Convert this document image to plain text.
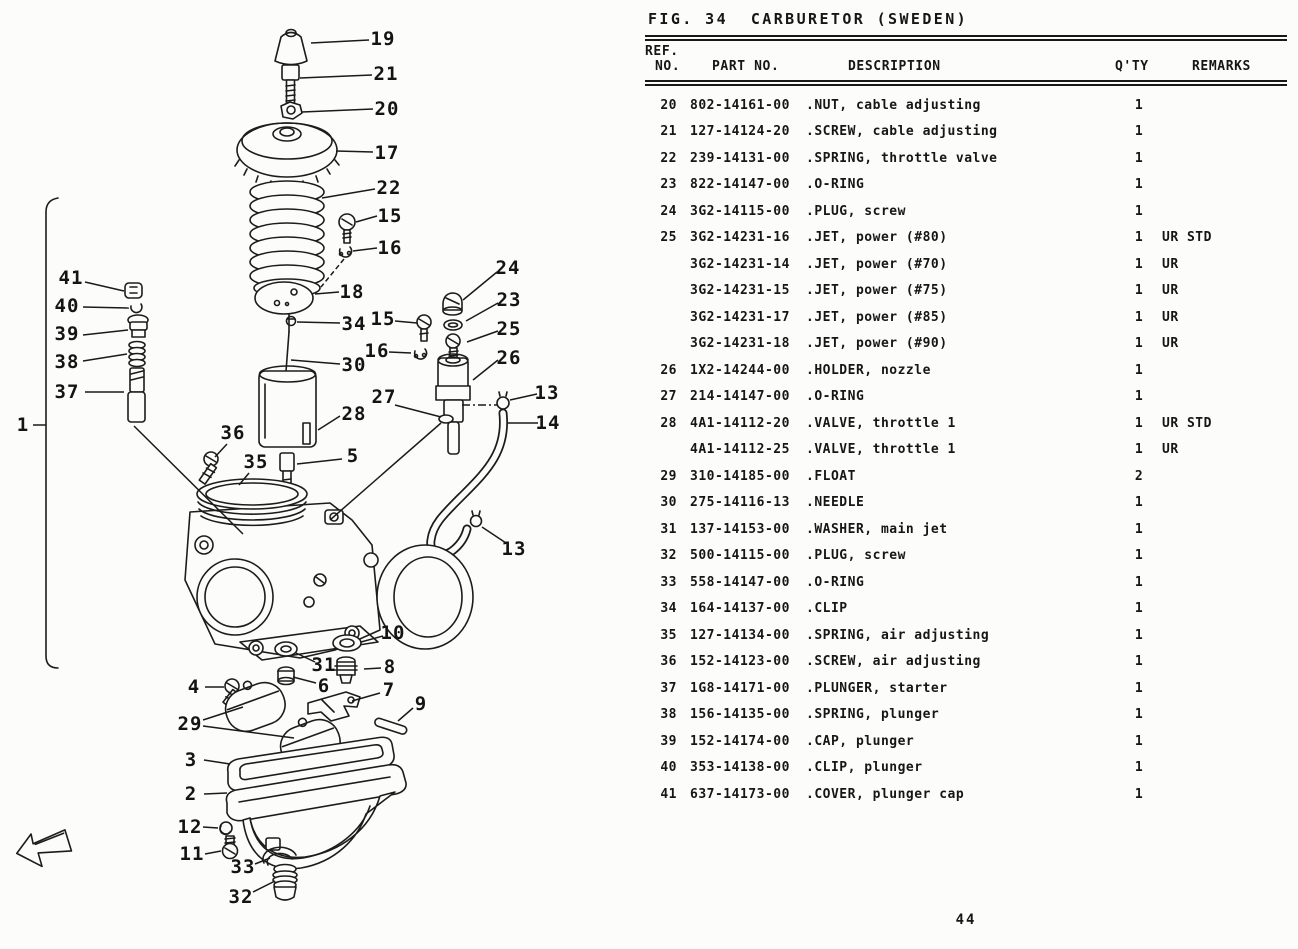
19
21
20
17
22
15
16
18
34 15
16
30
28
5
27
24
23
25
26
13
14
13
41
40
39
38
37
1	36
35
10
31 8
4	6	7
9
29
3
2
12
11
33
32
FIG. 34  CARBURETOR (SWEDEN)
REF.
NO. PART NO.	DESCRIPTION	Q'TY	REMARKS
20	802-14161-00	.NUT, cable adjusting	1
21	127-14124-20	.SCREW, cable adjusting	1
22	239-14131-00	.SPRING, throttle valve	1
23	822-14147-00	.O-RING	1
24	3G2-14115-00	.PLUG, screw	1
25	3G2-14231-16	.JET, power (#80)	1	UR STD
3G2-14231-14	.JET, power (#70)	1	UR
3G2-14231-15	.JET, power (#75)	1	UR
3G2-14231-17	.JET, power (#85)	1	UR
3G2-14231-18	.JET, power (#90)	1	UR
26	1X2-14244-00	.HOLDER, nozzle	1
27	214-14147-00	.O-RING	1
28	4A1-14112-20	.VALVE, throttle 1	1	UR STD
4A1-14112-25	.VALVE, throttle 1	1	UR
29	310-14185-00	.FLOAT	2
30	275-14116-13	.NEEDLE	1
31	137-14153-00	.WASHER, main jet	1
32	500-14115-00	.PLUG, screw	1
33	558-14147-00	.O-RING	1
34	164-14137-00	.CLIP	1
35	127-14134-00	.SPRING, air adjusting	1
36	152-14123-00	.SCREW, air adjusting	1
37	1G8-14171-00	.PLUNGER, starter	1
38	156-14135-00	.SPRING, plunger	1
39	152-14174-00	.CAP, plunger	1
40	353-14138-00	.CLIP, plunger	1
41	637-14173-00	.COVER, plunger cap	1
44
